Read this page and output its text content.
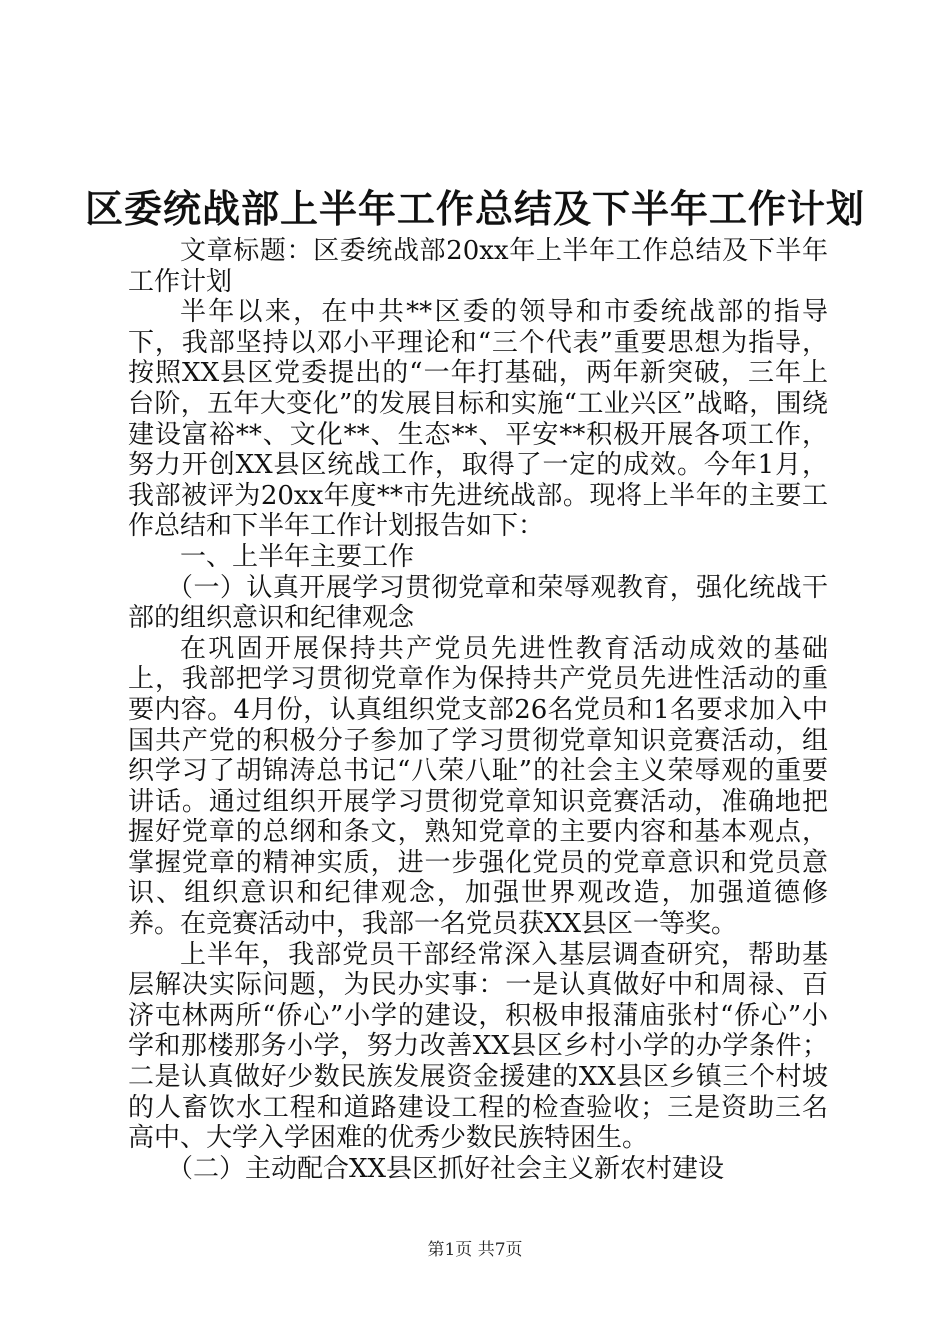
区委统战部上半年工作总结及下半年工作计划

文章标题：区委统战部20xx年上半年工作总结及下半年工作计划

半年以来，在中共**区委的领导和市委统战部的指导下，我部坚持以邓小平理论和“三个代表”重要思想为指导，按照XX县区党委提出的“一年打基础，两年新突破，三年上台阶，五年大变化”的发展目标和实施“工业兴区”战略，围绕建设富裕**、文化**、生态**、平安**积极开展各项工作，努力开创XX县区统战工作，取得了一定的成效。今年1月，我部被评为20xx年度**市先进统战部。现将上半年的主要工作总结和下半年工作计划报告如下：

一、上半年主要工作

（一）认真开展学习贯彻党章和荣辱观教育，强化统战干部的组织意识和纪律观念

在巩固开展保持共产党员先进性教育活动成效的基础上，我部把学习贯彻党章作为保持共产党员先进性活动的重要内容。4月份，认真组织党支部26名党员和1名要求加入中国共产党的积极分子参加了学习贯彻党章知识竞赛活动，组织学习了胡锦涛总书记“八荣八耻”的社会主义荣辱观的重要讲话。通过组织开展学习贯彻党章知识竞赛活动，准确地把握好党章的总纲和条文，熟知党章的主要内容和基本观点，掌握党章的精神实质，进一步强化党员的党章意识和党员意识、组织意识和纪律观念，加强世界观改造，加强道德修养。在竞赛活动中，我部一名党员获XX县区一等奖。

上半年，我部党员干部经常深入基层调查研究，帮助基层解决实际问题，为民办实事：一是认真做好中和周禄、百济屯林两所“侨心”小学的建设，积极申报蒲庙张村“侨心”小学和那楼那务小学，努力改善XX县区乡村小学的办学条件；二是认真做好少数民族发展资金援建的XX县区乡镇三个村坡的人畜饮水工程和道路建设工程的检查验收；三是资助三名高中、大学入学困难的优秀少数民族特困生。

（二）主动配合XX县区抓好社会主义新农村建设

第1页 共7页
